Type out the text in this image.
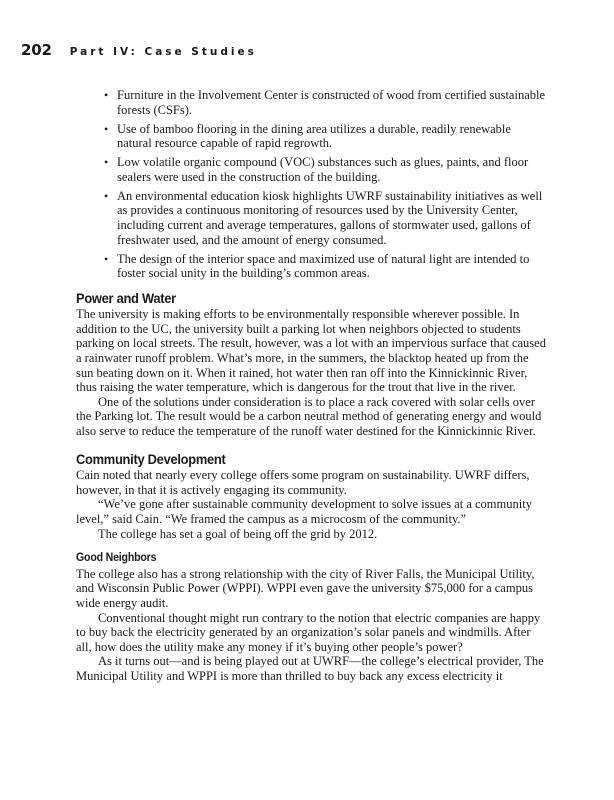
202 Part IV: Case Studies
• Furniture in the Involvement Center is constructed of wood from certified sustainable forests (CSFs).
• Use of bamboo flooring in the dining area utilizes a durable, readily renewable natural resource capable of rapid regrowth.
• Low volatile organic compound (VOC) substances such as glues, paints, and floor sealers were used in the construction of the building.
• An environmental education kiosk highlights UWRF sustainability initiatives as well as provides a continuous monitoring of resources used by the University Center, including current and average temperatures, gallons of stormwater used, gallons of freshwater used, and the amount of energy consumed.
• The design of the interior space and maximized use of natural light are intended to foster social unity in the building’s common areas.
Power and Water

The university is making efforts to be environmentally responsible wherever possible. In addition to the UC, the university built a parking lot when neighbors objected to students parking on local streets. The result, however, was a lot with an impervious surface that caused a rainwater runoff problem. What’s more, in the summers, the blacktop heated up from the sun beating down on it. When it rained, hot water then ran off into the Kinnickinnic River, thus raising the water temperature, which is dangerous for the trout that live in the river.

One of the solutions under consideration is to place a rack covered with solar cells over the Parking lot. The result would be a carbon neutral method of generating energy and would also serve to reduce the temperature of the runoff water destined for the Kinnickinnic River.

Community Development

Cain noted that nearly every college offers some program on sustainability. UWRF differs, however, in that it is actively engaging its community.

“We’ve gone after sustainable community development to solve issues at a community level,” said Cain. “We framed the campus as a microcosm of the community.”

The college has set a goal of being off the grid by 2012.

Good Neighbors

The college also has a strong relationship with the city of River Falls, the Municipal Utility, and Wisconsin Public Power (WPPI). WPPI even gave the university $75,000 for a campus wide energy audit.

Conventional thought might run contrary to the notion that electric companies are happy to buy back the electricity generated by an organization’s solar panels and windmills. After all, how does the utility make any money if it’s buying other people’s power?

As it turns out—and is being played out at UWRF—the college’s electrical provider, The Municipal Utility and WPPI is more than thrilled to buy back any excess electricity it
